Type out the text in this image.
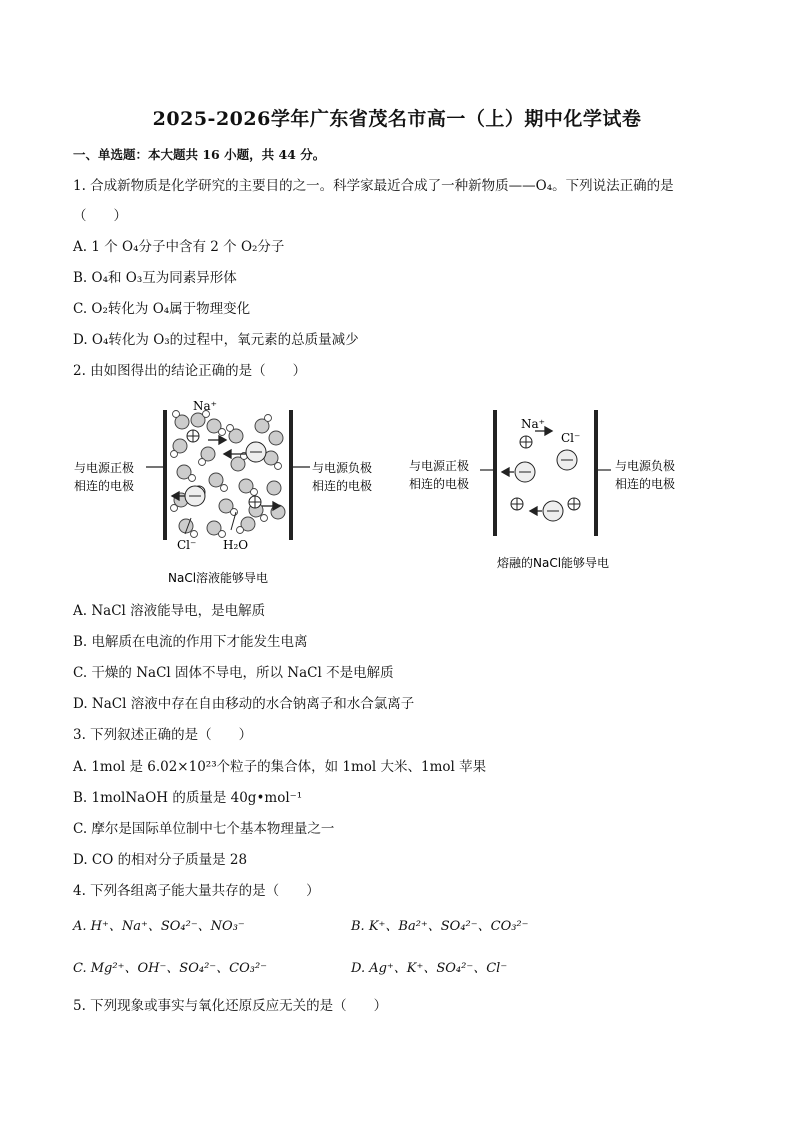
2025-2026学年广东省茂名市高一（上）期中化学试卷
一、单选题：本大题共 16 小题，共 44 分。
1. 合成新物质是化学研究的主要目的之一。科学家最近合成了一种新物质——O₄。下列说法正确的是
（　　）
A. 1 个 O₄分子中含有 2 个 O₂分子
B. O₄和 O₃互为同素异形体
C. O₂转化为 O₄属于物理变化
D. O₄转化为 O₃的过程中，氧元素的总质量减少
2. 由如图得出的结论正确的是（　　）
Na⁺
Cl⁻ H₂O
与电源正极
相连的电极
与电源负极
相连的电极
NaCl溶液能够导电
Na⁺
Cl⁻
与电源正极
相连的电极
与电源负极
相连的电极
熔融的NaCl能够导电
A. NaCl 溶液能导电，是电解质
B. 电解质在电流的作用下才能发生电离
C. 干燥的 NaCl 固体不导电，所以 NaCl 不是电解质
D. NaCl 溶液中存在自由移动的水合钠离子和水合氯离子
3. 下列叙述正确的是（　　）
A. 1mol 是 6.02×10²³个粒子的集合体，如 1mol 大米、1mol 苹果
B. 1molNaOH 的质量是 40g•mol⁻¹
C. 摩尔是国际单位制中七个基本物理量之一
D. CO 的相对分子质量是 28
4. 下列各组离子能大量共存的是（　　）
A. H⁺、Na⁺、SO₄²⁻、NO₃⁻	B. K⁺、Ba²⁺、SO₄²⁻、CO₃²⁻
C. Mg²⁺、OH⁻、SO₄²⁻、CO₃²⁻	D. Ag⁺、K⁺、SO₄²⁻、Cl⁻
5. 下列现象或事实与氧化还原反应无关的是（　　）
